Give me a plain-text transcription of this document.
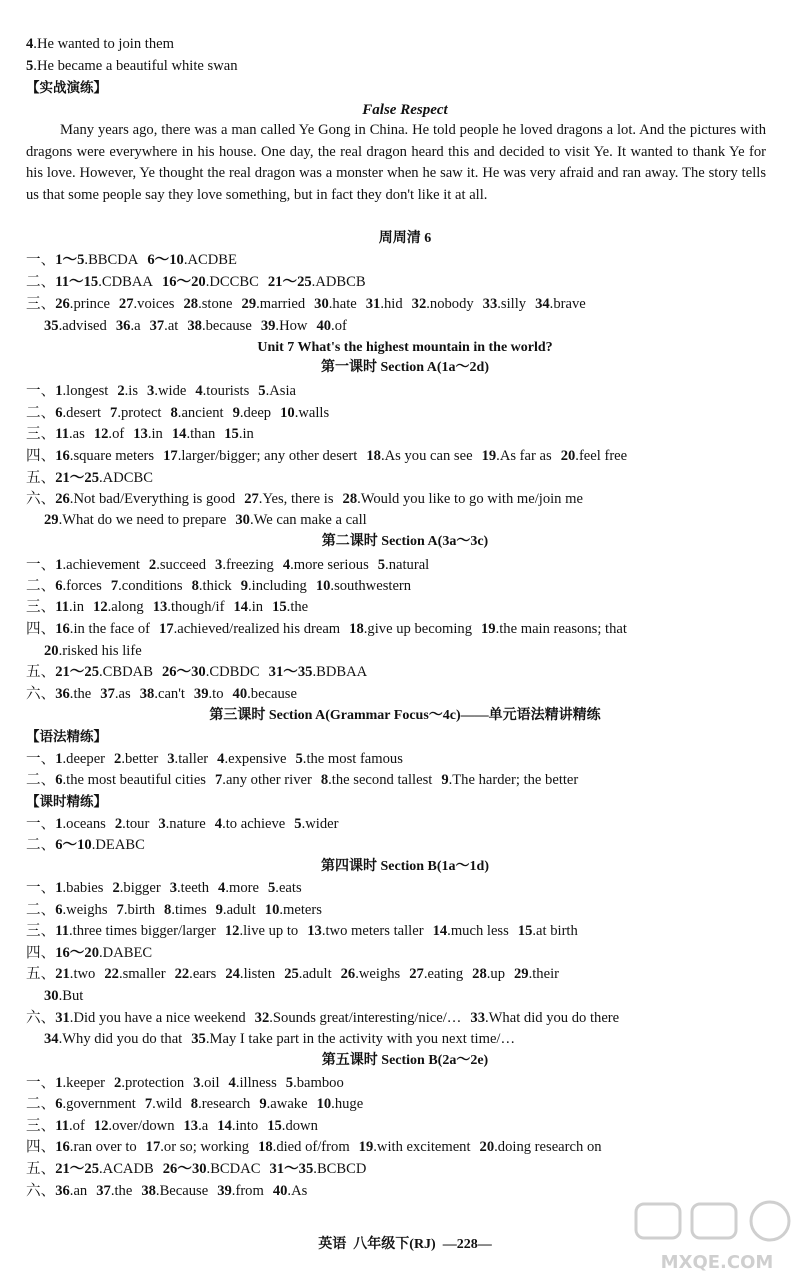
4.He wanted to join them
5.He became a beautiful white swan
【实战演练】
False Respect

Many years ago, there was a man called Ye Gong in China. He told people he loved dragons a lot. And the pictures with dragons were everywhere in his house. One day, the real dragon heard this and decided to visit Ye. It wanted to thank Ye for his love. However, Ye thought the real dragon was a monster when he saw it. He was very afraid and ran away. The story tells us that some people say they love something, but in fact they don't like it at all.

周周清 6
一、1～5.BBCDA 6～10.ACDBE
二、11～15.CDBAA 16～20.DCCBC 21～25.ADBCB
三、26.prince 27.voices 28.stone 29.married 30.hate 31.hid 32.nobody 33.silly 34.brave
35.advised 36.a 37.at 38.because 39.How 40.of
Unit 7 What's the highest mountain in the world?
第一课时 Section A(1a～2d)
一、1.longest 2.is 3.wide 4.tourists 5.Asia
二、6.desert 7.protect 8.ancient 9.deep 10.walls
三、11.as 12.of 13.in 14.than 15.in
四、16.square meters 17.larger/bigger; any other desert 18.As you can see 19.As far as 20.feel free
五、21～25.ADCBC
六、26.Not bad/Everything is good 27.Yes, there is 28.Would you like to go with me/join me
29.What do we need to prepare 30.We can make a call
第二课时 Section A(3a～3c)
一、1.achievement 2.succeed 3.freezing 4.more serious 5.natural
二、6.forces 7.conditions 8.thick 9.including 10.southwestern
三、11.in 12.along 13.though/if 14.in 15.the
四、16.in the face of 17.achieved/realized his dream 18.give up becoming 19.the main reasons; that
20.risked his life
五、21～25.CBDAB 26～30.CDBDC 31～35.BDBAA
六、36.the 37.as 38.can't 39.to 40.because
第三课时 Section A(Grammar Focus～4c)——单元语法精讲精练
【语法精练】
一、1.deeper 2.better 3.taller 4.expensive 5.the most famous
二、6.the most beautiful cities 7.any other river 8.the second tallest 9.The harder; the better
【课时精练】
一、1.oceans 2.tour 3.nature 4.to achieve 5.wider
二、6～10.DEABC
第四课时 Section B(1a～1d)
一、1.babies 2.bigger 3.teeth 4.more 5.eats
二、6.weighs 7.birth 8.times 9.adult 10.meters
三、11.three times bigger/larger 12.live up to 13.two meters taller 14.much less 15.at birth
四、16～20.DABEC
五、21.two 22.smaller 22.ears 24.listen 25.adult 26.weighs 27.eating 28.up 29.their
30.But
六、31.Did you have a nice weekend 32.Sounds great/interesting/nice/… 33.What did you do there
34.Why did you do that 35.May I take part in the activity with you next time/…
第五课时 Section B(2a～2e)
一、1.keeper 2.protection 3.oil 4.illness 5.bamboo
二、6.government 7.wild 8.research 9.awake 10.huge
三、11.of 12.over/down 13.a 14.into 15.down
四、16.ran over to 17.or so; working 18.died of/from 19.with excitement 20.doing research on
五、21～25.ACADB 26～30.BCDAC 31～35.BCBCD
六、36.an 37.the 38.Because 39.from 40.As
英语 八年级下(RJ) —228—
MXQE.COM
